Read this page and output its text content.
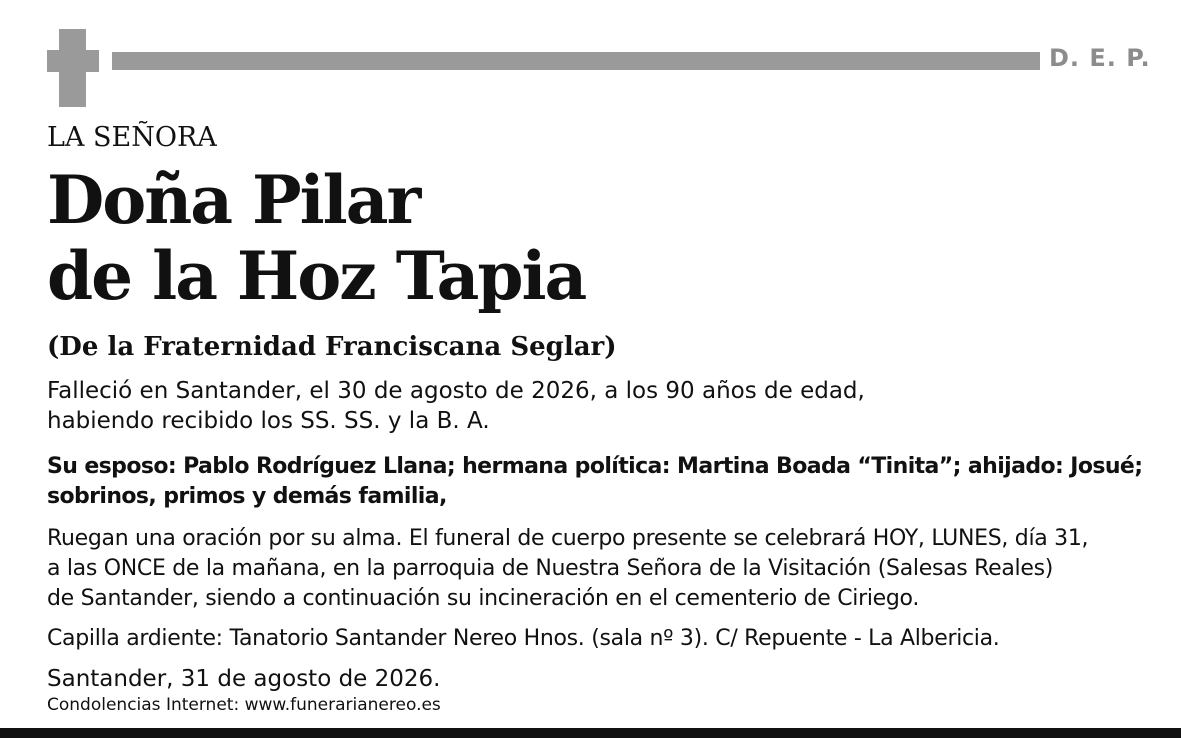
D. E. P.

LA SEÑORA

Doña Pilar
de la Hoz Tapia

(De la Fraternidad Franciscana Seglar)

Falleció en Santander, el 30 de agosto de 2026, a los 90 años de edad,
habiendo recibido los SS. SS. y la B. A.
Su esposo: Pablo Rodríguez Llana; hermana política: Martina Boada “Tinita”; ahijado: Josué;
sobrinos, primos y demás familia,
Ruegan una oración por su alma. El funeral de cuerpo presente se celebrará HOY, LUNES, día 31,
a las ONCE de la mañana, en la parroquia de Nuestra Señora de la Visitación (Salesas Reales)
de Santander, siendo a continuación su incineración en el cementerio de Ciriego.
Capilla ardiente: Tanatorio Santander Nereo Hnos. (sala nº 3). C/ Repuente - La Albericia.
Santander, 31 de agosto de 2026.
Condolencias Internet: www.funerarianereo.es
